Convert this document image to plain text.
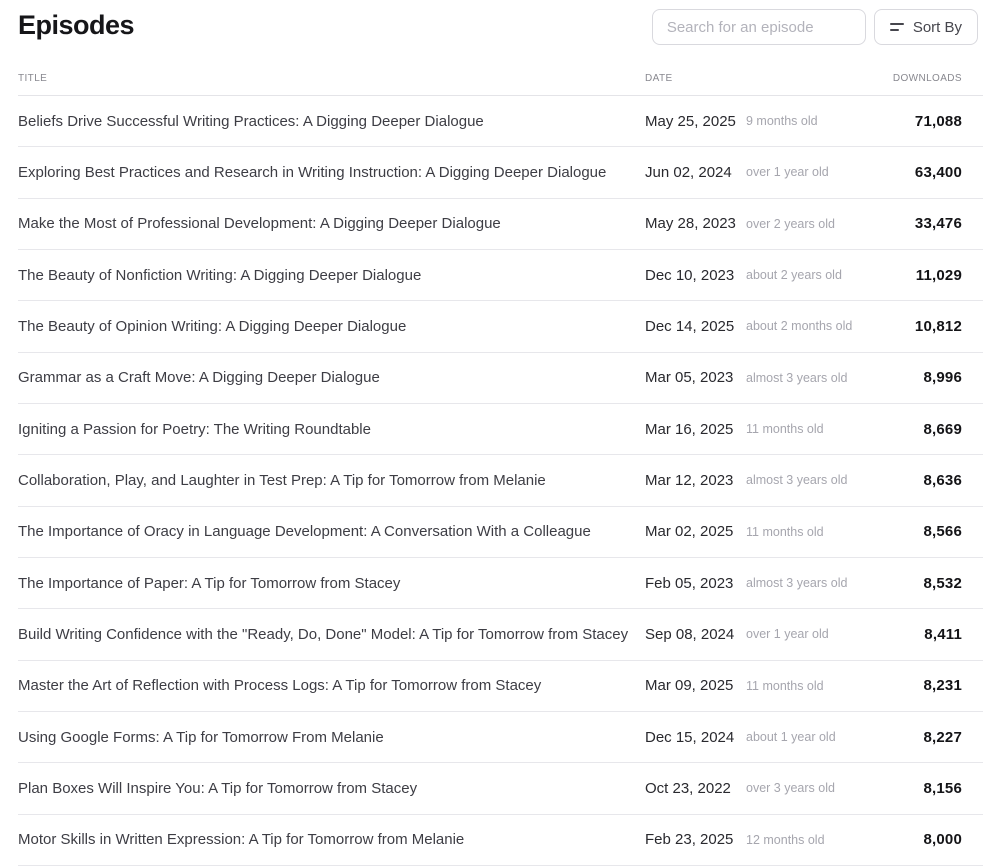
Episodes
Search for an episode	Sort By
TITLE	DATE	DOWNLOADS
Beliefs Drive Successful Writing Practices: A Digging Deeper Dialogue	May 25, 2025 9 months old	71,088
Exploring Best Practices and Research in Writing Instruction: A Digging Deeper Dialogue	Jun 02, 2024	over 1 year old	63,400
Make the Most of Professional Development: A Digging Deeper Dialogue	May 28, 2023 over 2 years old	33,476
The Beauty of Nonfiction Writing: A Digging Deeper Dialogue	Dec 10, 2023 about 2 years old	11,029
The Beauty of Opinion Writing: A Digging Deeper Dialogue	Dec 14, 2025 about 2 months old	10,812
Grammar as a Craft Move: A Digging Deeper Dialogue	Mar 05, 2023	almost 3 years old	8,996
Igniting a Passion for Poetry: The Writing Roundtable	Mar 16, 2025	11 months old	8,669
Collaboration, Play, and Laughter in Test Prep: A Tip for Tomorrow from Melanie	Mar 12, 2023	almost 3 years old	8,636
The Importance of Oracy in Language Development: A Conversation With a Colleague	Mar 02, 2025	11 months old	8,566
The Importance of Paper: A Tip for Tomorrow from Stacey	Feb 05, 2023	almost 3 years old	8,532
Build Writing Confidence with the "Ready, Do, Done" Model: A Tip for Tomorrow from Stacey	Sep 08, 2024 over 1 year old	8,411
Master the Art of Reflection with Process Logs: A Tip for Tomorrow from Stacey	Mar 09, 2025	11 months old	8,231
Using Google Forms: A Tip for Tomorrow From Melanie	Dec 15, 2024 about 1 year old	8,227
Plan Boxes Will Inspire You: A Tip for Tomorrow from Stacey	Oct 23, 2022	over 3 years old	8,156
Motor Skills in Written Expression: A Tip for Tomorrow from Melanie	Feb 23, 2025	12 months old	8,000
